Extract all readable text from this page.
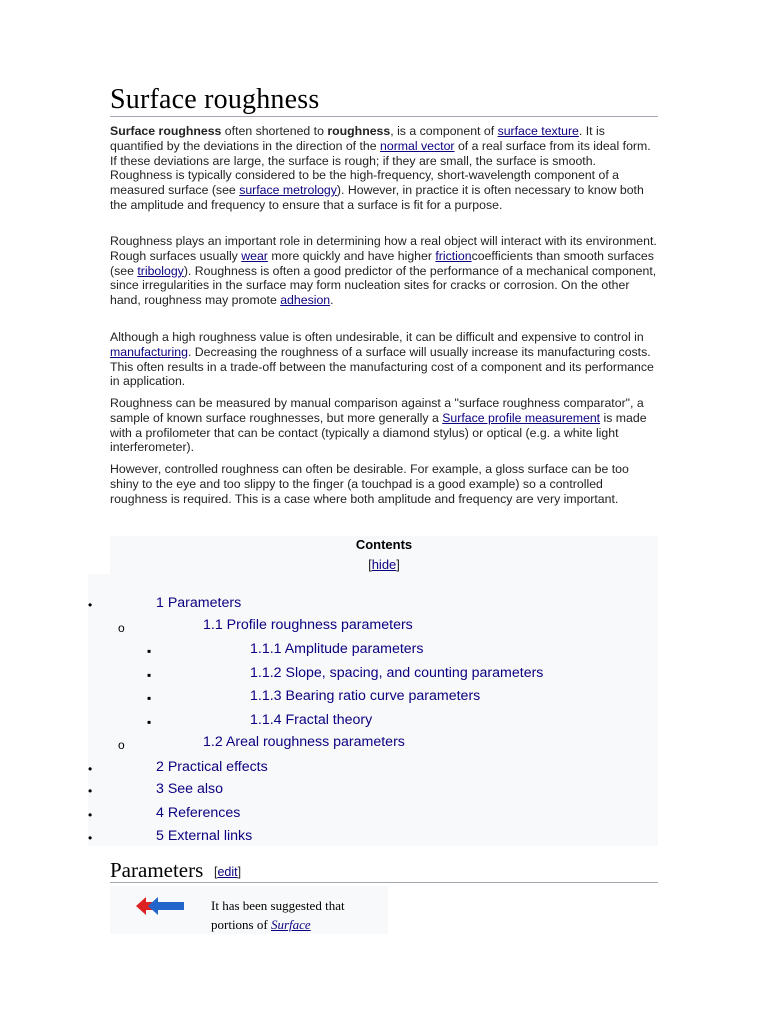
Surface roughness

Surface roughness often shortened to roughness, is a component of surface texture. It is quantified by the deviations in the direction of the normal vector of a real surface from its ideal form. If these deviations are large, the surface is rough; if they are small, the surface is smooth. Roughness is typically considered to be the high-frequency, short-wavelength component of a measured surface (see surface metrology). However, in practice it is often necessary to know both the amplitude and frequency to ensure that a surface is fit for a purpose.

Roughness plays an important role in determining how a real object will interact with its environment. Rough surfaces usually wear more quickly and have higher frictioncoefficients than smooth surfaces (see tribology). Roughness is often a good predictor of the performance of a mechanical component, since irregularities in the surface may form nucleation sites for cracks or corrosion. On the other hand, roughness may promote adhesion.

Although a high roughness value is often undesirable, it can be difficult and expensive to control in manufacturing. Decreasing the roughness of a surface will usually increase its manufacturing costs. This often results in a trade-off between the manufacturing cost of a component and its performance in application.

Roughness can be measured by manual comparison against a "surface roughness comparator", a sample of known surface roughnesses, but more generally a Surface profile measurement is made with a profilometer that can be contact (typically a diamond stylus) or optical (e.g. a white light interferometer).

However, controlled roughness can often be desirable. For example, a gloss surface can be too shiny to the eye and too slippy to the finger (a touchpad is a good example) so a controlled roughness is required. This is a case where both amplitude and frequency are very important.

Contents
[hide]
•	1 Parameters
o	1.1 Profile roughness parameters
▪	1.1.1 Amplitude parameters
▪	1.1.2 Slope, spacing, and counting parameters
▪	1.1.3 Bearing ratio curve parameters
▪	1.1.4 Fractal theory
o	1.2 Areal roughness parameters
•	2 Practical effects
•	3 See also
•	4 References
•	5 External links
Parameters [edit]
It has been suggested that portions of Surface
